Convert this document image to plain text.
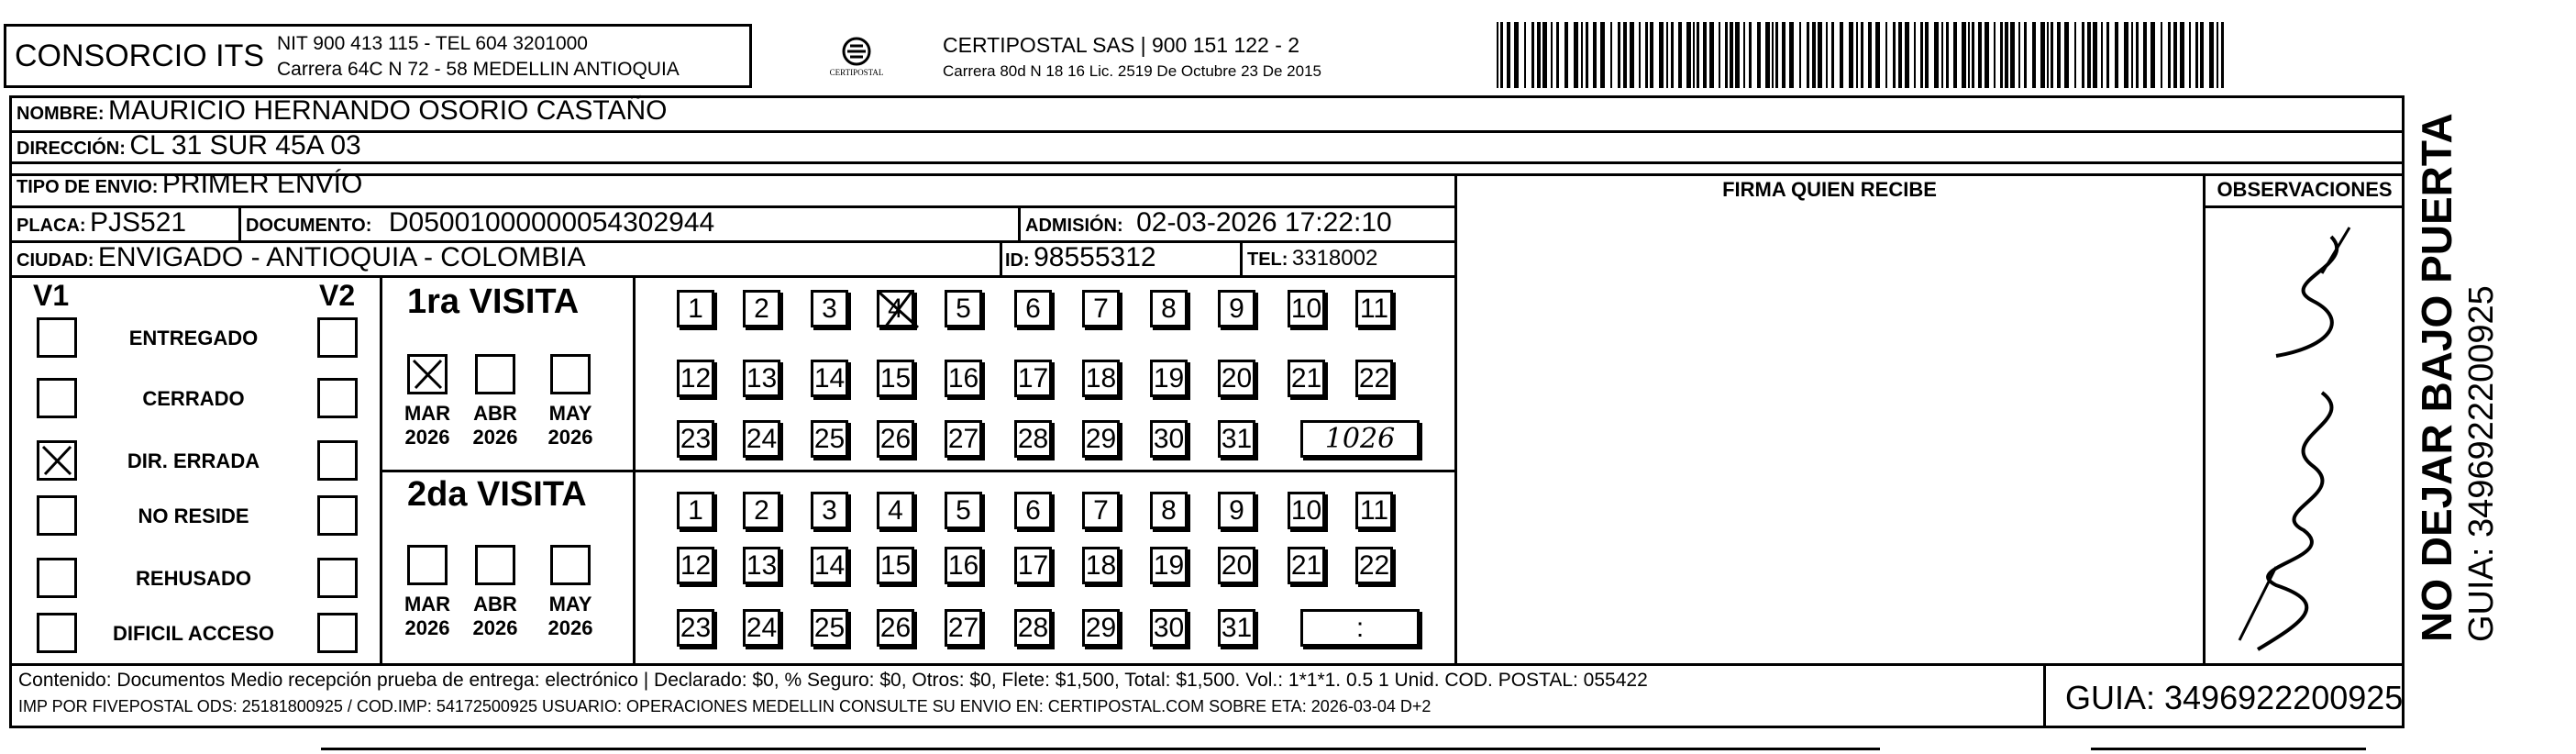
CONSORCIO ITS NIT 900 413 115 - TEL 604 3201000
Carrera 64C N 72 - 58 MEDELLIN ANTIOQUIA	CERTIPOSTAL
CERTIPOSTAL SAS | 900 151 122 - 2
Carrera 80d N 18 16 Lic. 2519 De Octubre 23 De 2015
NOMBRE: MAURICIO HERNANDO OSORIO CASTAÑO
DIRECCIÓN: CL 31 SUR 45A 03
TIPO DE ENVIO: PRIMER ENVÍO
PLACA: PJS521	DOCUMENTO: D05001000000054302944	ADMISIÓN: 02-03-2026 17:22:10
CIUDAD: ENVIGADO - ANTIOQUIA - COLOMBIA	ID: 98555312	TEL: 3318002
FIRMA QUIEN RECIBE	OBSERVACIONES
V1	V2
ENTREGADO
CERRADO
DIR. ERRADA
NO RESIDE
REHUSADO
DIFICIL ACCESO
1ra VISITA
MAR
2026
ABR
2026
MAY
2026
1	2	3	4	5	6	7	8	9	10 11
12 13 14 15 16 17 18 19 20 21 22
23 24 25 26 27 28 29 30 31	1026
2da VISITA
MAR
2026
ABR
2026
MAY
2026
1	2	3	4	5	6	7	8	9	10 11
12 13 14 15 16 17 18 19 20 21 22
23 24 25 26 27 28 29 30 31	:
Contenido: Documentos Medio recepción prueba de entrega: electrónico | Declarado: $0, % Seguro: $0, Otros: $0, Flete: $1,500, Total: $1,500. Vol.: 1*1*1. 0.5 1 Unid. COD. POSTAL: 055422
IMP POR FIVEPOSTAL ODS: 25181800925 / COD.IMP: 54172500925 USUARIO: OPERACIONES MEDELLIN CONSULTE SU ENVIO EN: CERTIPOSTAL.COM SOBRE ETA: 2026-03-04 D+2	GUIA: 3496922200925
NO DEJAR BAJO PUERTA GUIA: 3496922200925
